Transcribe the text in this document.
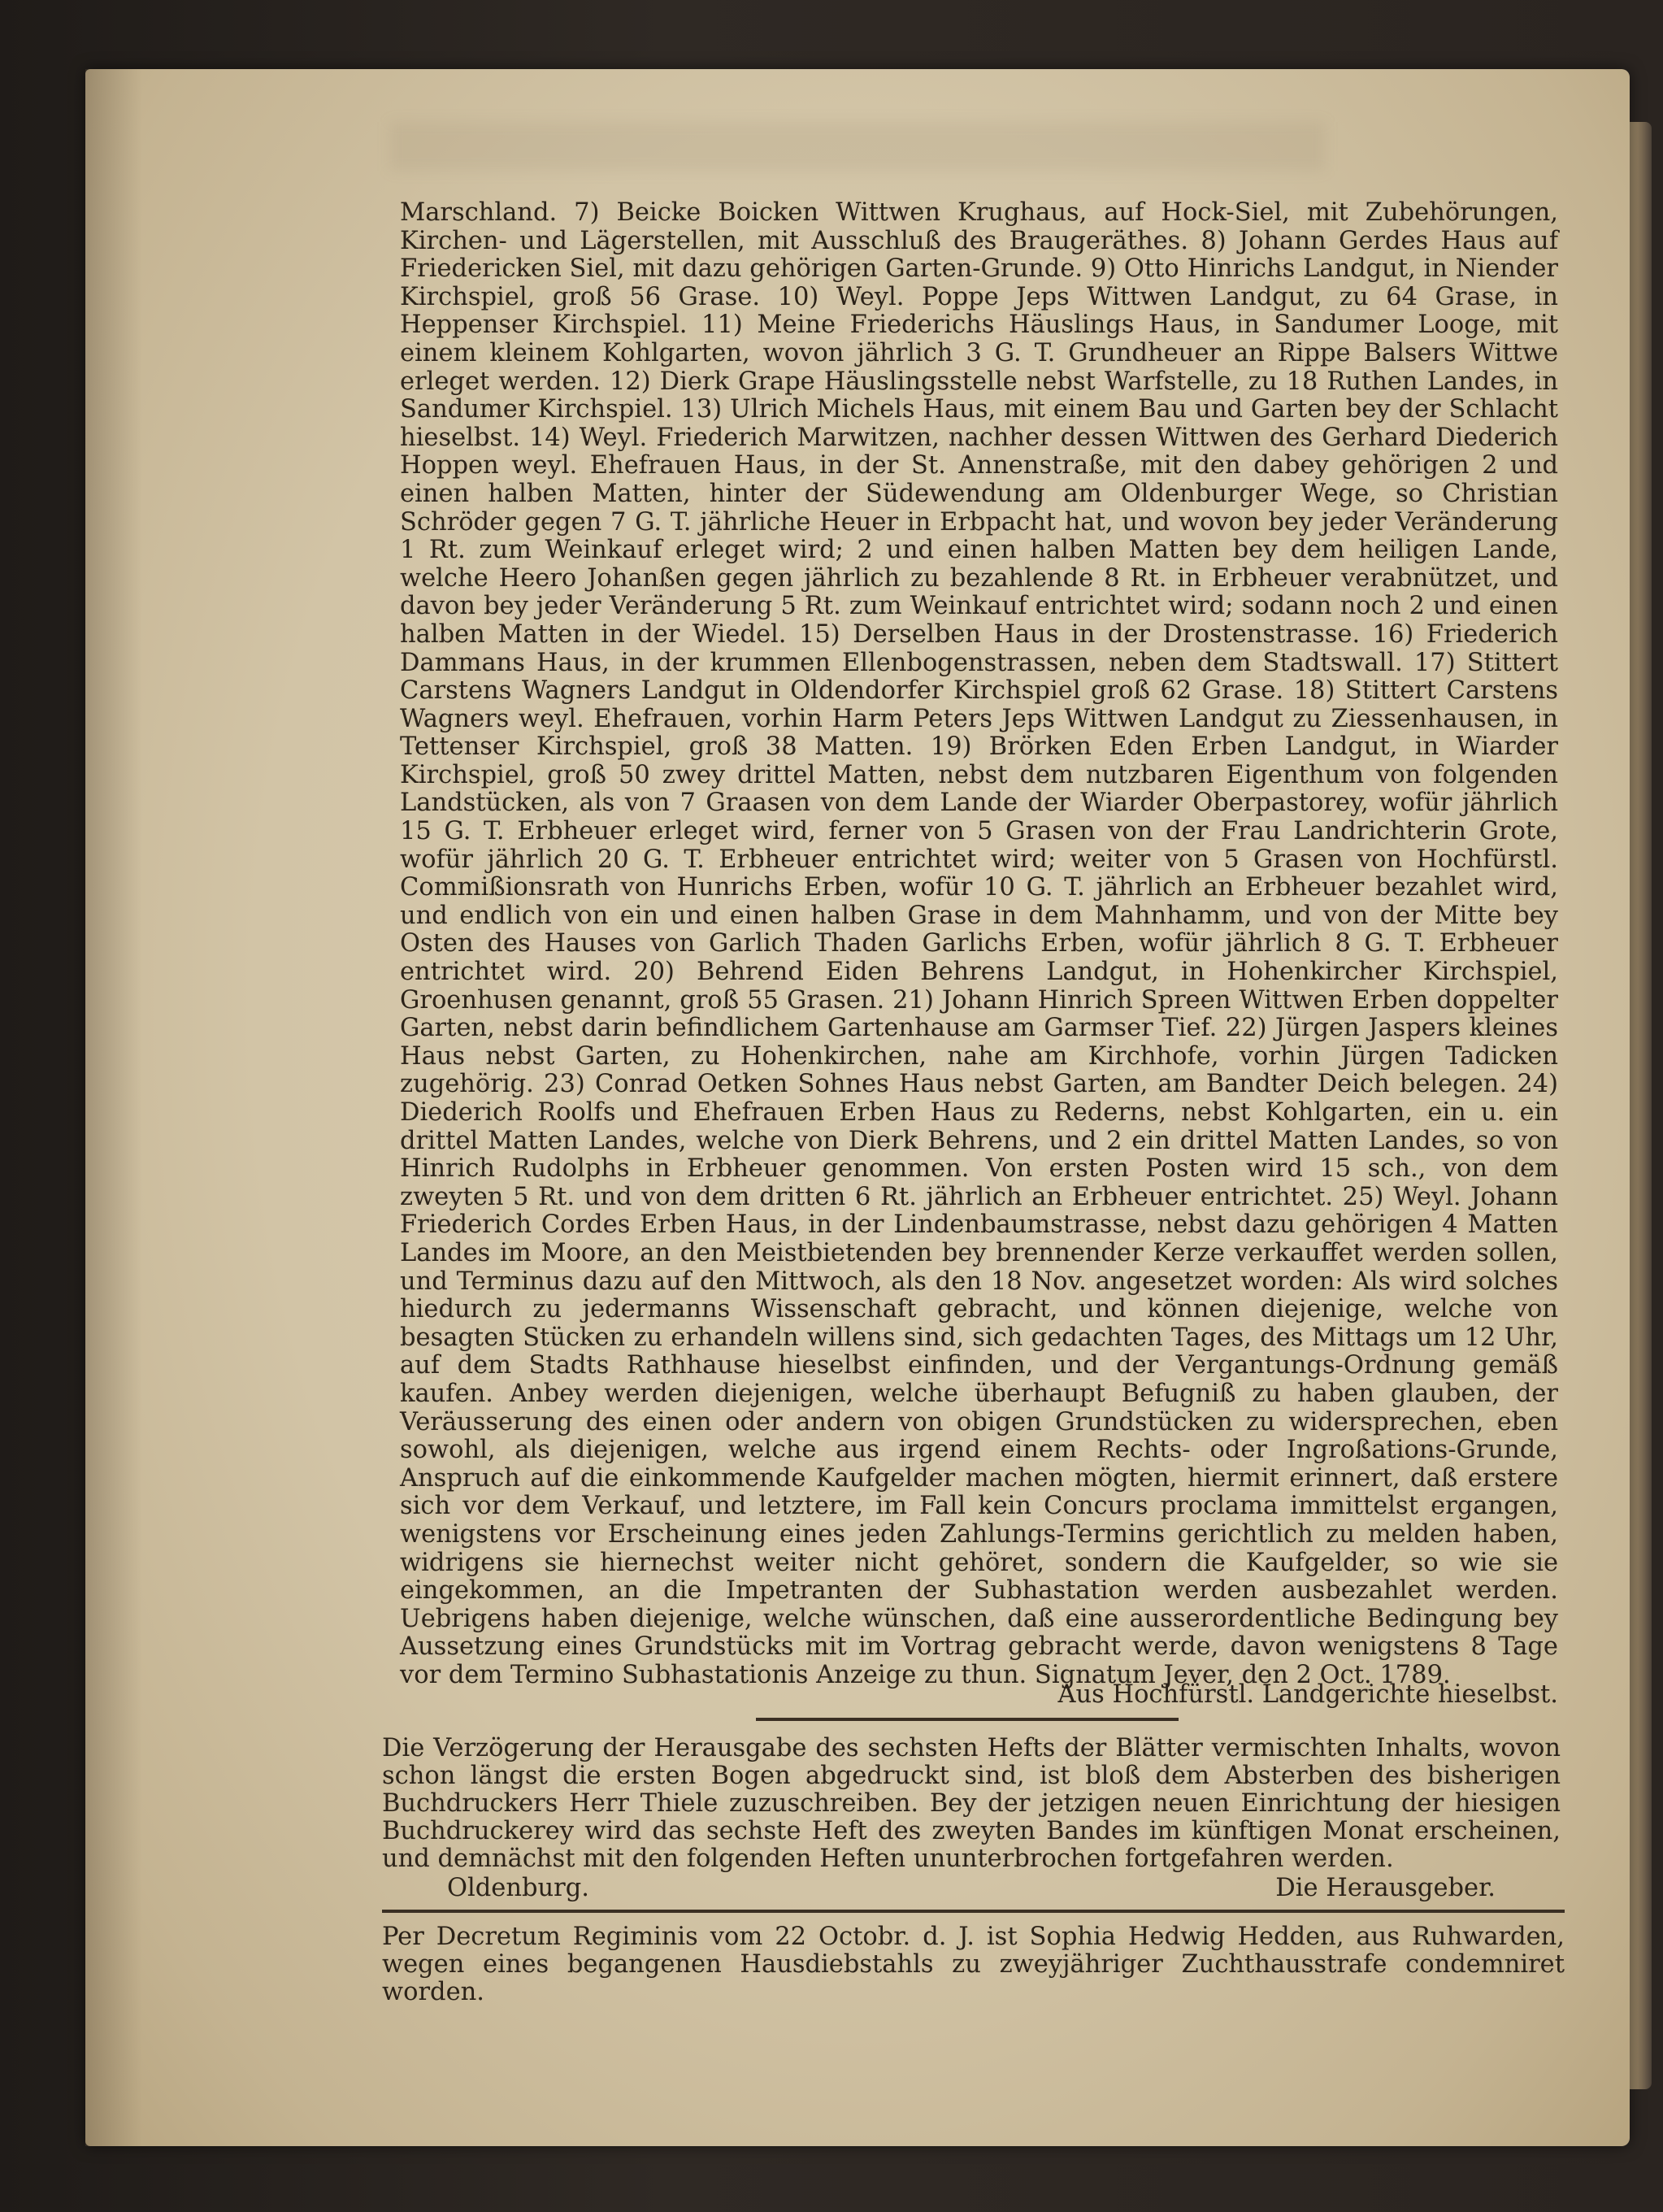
Marschland. 7) Beicke Boicken Wittwen Krughaus, auf Hock-Siel, mit Zubehörungen, Kirchen- und Lägerstellen, mit Ausschluß des Braugeräthes. 8) Johann Gerdes Haus auf Friedericken Siel, mit dazu gehörigen Garten-Grunde. 9) Otto Hinrichs Landgut, in Niender Kirchspiel, groß 56 Grase. 10) Weyl. Poppe Jeps Wittwen Landgut, zu 64 Grase, in Heppenser Kirchspiel. 11) Meine Friederichs Häuslings Haus, in Sandumer Looge, mit einem kleinem Kohlgarten, wovon jährlich 3 G. T. Grundheuer an Rippe Balsers Wittwe erleget werden. 12) Dierk Grape Häuslingsstelle nebst Warfstelle, zu 18 Ruthen Landes, in Sandumer Kirchspiel. 13) Ulrich Michels Haus, mit einem Bau und Garten bey der Schlacht hieselbst. 14) Weyl. Friederich Marwitzen, nachher dessen Wittwen des Gerhard Diederich Hoppen weyl. Ehefrauen Haus, in der St. Annenstraße, mit den dabey gehörigen 2 und einen halben Matten, hinter der Südewendung am Oldenburger Wege, so Christian Schröder gegen 7 G. T. jährliche Heuer in Erbpacht hat, und wovon bey jeder Veränderung 1 Rt. zum Weinkauf erleget wird; 2 und einen halben Matten bey dem heiligen Lande, welche Heero Johanßen gegen jährlich zu bezahlende 8 Rt. in Erbheuer verabnützet, und davon bey jeder Veränderung 5 Rt. zum Weinkauf entrichtet wird; sodann noch 2 und einen halben Matten in der Wiedel. 15) Derselben Haus in der Drostenstrasse. 16) Friederich Dammans Haus, in der krummen Ellenbogenstrassen, neben dem Stadtswall. 17) Stittert Carstens Wagners Landgut in Oldendorfer Kirchspiel groß 62 Grase. 18) Stittert Carstens Wagners weyl. Ehefrauen, vorhin Harm Peters Jeps Wittwen Landgut zu Ziessenhausen, in Tettenser Kirchspiel, groß 38 Matten. 19) Brörken Eden Erben Landgut, in Wiarder Kirchspiel, groß 50 zwey drittel Matten, nebst dem nutzbaren Eigenthum von folgenden Landstücken, als von 7 Graasen von dem Lande der Wiarder Oberpastorey, wofür jährlich 15 G. T. Erbheuer erleget wird, ferner von 5 Grasen von der Frau Landrichterin Grote, wofür jährlich 20 G. T. Erbheuer entrichtet wird; weiter von 5 Grasen von Hochfürstl. Commißionsrath von Hunrichs Erben, wofür 10 G. T. jährlich an Erbheuer bezahlet wird, und endlich von ein und einen halben Grase in dem Mahnhamm, und von der Mitte bey Osten des Hauses von Garlich Thaden Garlichs Erben, wofür jährlich 8 G. T. Erbheuer entrichtet wird. 20) Behrend Eiden Behrens Landgut, in Hohenkircher Kirchspiel, Groenhusen genannt, groß 55 Grasen. 21) Johann Hinrich Spreen Wittwen Erben doppelter Garten, nebst darin befindlichem Gartenhause am Garmser Tief. 22) Jürgen Jaspers kleines Haus nebst Garten, zu Hohenkirchen, nahe am Kirchhofe, vorhin Jürgen Tadicken zugehörig. 23) Conrad Oetken Sohnes Haus nebst Garten, am Bandter Deich belegen. 24) Diederich Roolfs und Ehefrauen Erben Haus zu Rederns, nebst Kohlgarten, ein u. ein drittel Matten Landes, welche von Dierk Behrens, und 2 ein drittel Matten Landes, so von Hinrich Rudolphs in Erbheuer genommen. Von ersten Posten wird 15 sch., von dem zweyten 5 Rt. und von dem dritten 6 Rt. jährlich an Erbheuer entrichtet. 25) Weyl. Johann Friederich Cordes Erben Haus, in der Lindenbaumstrasse, nebst dazu gehörigen 4 Matten Landes im Moore, an den Meistbietenden bey brennender Kerze verkauffet werden sollen, und Terminus dazu auf den Mittwoch, als den 18 Nov. angesetzet worden: Als wird solches hiedurch zu jedermanns Wissenschaft gebracht, und können diejenige, welche von besagten Stücken zu erhandeln willens sind, sich gedachten Tages, des Mittags um 12 Uhr, auf dem Stadts Rathhause hieselbst einfinden, und der Vergantungs-Ordnung gemäß kaufen. Anbey werden diejenigen, welche überhaupt Befugniß zu haben glauben, der Veräusserung des einen oder andern von obigen Grundstücken zu widersprechen, eben sowohl, als diejenigen, welche aus irgend einem Rechts- oder Ingroßations-Grunde, Anspruch auf die einkommende Kaufgelder machen mögten, hiermit erinnert, daß erstere sich vor dem Verkauf, und letztere, im Fall kein Concurs proclama immittelst ergangen, wenigstens vor Erscheinung eines jeden Zahlungs-Termins gerichtlich zu melden haben, widrigens sie hiernechst weiter nicht gehöret, sondern die Kaufgelder, so wie sie eingekommen, an die Impetranten der Subhastation werden ausbezahlet werden. Uebrigens haben diejenige, welche wünschen, daß eine ausserordentliche Bedingung bey Aussetzung eines Grundstücks mit im Vortrag gebracht werde, davon wenigstens 8 Tage vor dem Termino Subhastationis Anzeige zu thun. Signatum Jever, den 2 Oct. 1789.

Aus Hochfürstl. Landgerichte hieselbst.
Die Verzögerung der Herausgabe des sechsten Hefts der Blätter vermischten Inhalts, wovon schon längst die ersten Bogen abgedruckt sind, ist bloß dem Absterben des bisherigen Buchdruckers Herr Thiele zuzuschreiben. Bey der jetzigen neuen Einrichtung der hiesigen Buchdruckerey wird das sechste Heft des zweyten Bandes im künftigen Monat erscheinen, und demnächst mit den folgenden Heften ununterbrochen fortgefahren werden.
Oldenburg.	Die Herausgeber.
Per Decretum Regiminis vom 22 Octobr. d. J. ist Sophia Hedwig Hedden, aus Ruhwarden, wegen eines begangenen Hausdiebstahls zu zweyjähriger Zuchthausstrafe condemniret worden.
